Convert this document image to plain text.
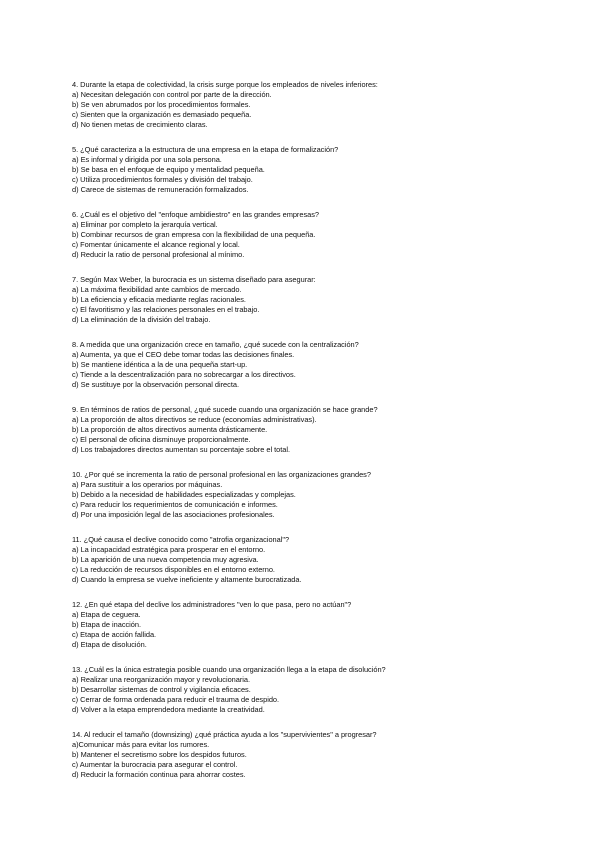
4. Durante la etapa de colectividad, la crisis surge porque los empleados de niveles inferiores:

a) Necesitan delegación con control por parte de la dirección.

b) Se ven abrumados por los procedimientos formales.

c) Sienten que la organización es demasiado pequeña.

d) No tienen metas de crecimiento claras.

5. ¿Qué caracteriza a la estructura de una empresa en la etapa de formalización?

a) Es informal y dirigida por una sola persona.

b) Se basa en el enfoque de equipo y mentalidad pequeña.

c) Utiliza procedimientos formales y división del trabajo.

d) Carece de sistemas de remuneración formalizados.

6. ¿Cuál es el objetivo del "enfoque ambidiestro" en las grandes empresas?

a) Eliminar por completo la jerarquía vertical.

b) Combinar recursos de gran empresa con la flexibilidad de una pequeña.

c) Fomentar únicamente el alcance regional y local.

d) Reducir la ratio de personal profesional al mínimo.

7. Según Max Weber, la burocracia es un sistema diseñado para asegurar:

a) La máxima flexibilidad ante cambios de mercado.

b) La eficiencia y eficacia mediante reglas racionales.

c) El favoritismo y las relaciones personales en el trabajo.

d) La eliminación de la división del trabajo.

8. A medida que una organización crece en tamaño, ¿qué sucede con la centralización?

a) Aumenta, ya que el CEO debe tomar todas las decisiones finales.

b) Se mantiene idéntica a la de una pequeña start-up.

c) Tiende a la descentralización para no sobrecargar a los directivos.

d) Se sustituye por la observación personal directa.

9. En términos de ratios de personal, ¿qué sucede cuando una organización se hace grande?

a) La proporción de altos directivos se reduce (economías administrativas).

b) La proporción de altos directivos aumenta drásticamente.

c) El personal de oficina disminuye proporcionalmente.

d) Los trabajadores directos aumentan su porcentaje sobre el total.

10. ¿Por qué se incrementa la ratio de personal profesional en las organizaciones grandes?

a) Para sustituir a los operarios por máquinas.

b) Debido a la necesidad de habilidades especializadas y complejas.

c) Para reducir los requerimientos de comunicación e informes.

d) Por una imposición legal de las asociaciones profesionales.

11. ¿Qué causa el declive conocido como "atrofia organizacional"?

a) La incapacidad estratégica para prosperar en el entorno.

b) La aparición de una nueva competencia muy agresiva.

c) La reducción de recursos disponibles en el entorno externo.

d) Cuando la empresa se vuelve ineficiente y altamente burocratizada.

12. ¿En qué etapa del declive los administradores "ven lo que pasa, pero no actúan"?

a) Etapa de ceguera.

b) Etapa de inacción.

c) Etapa de acción fallida.

d) Etapa de disolución.

13. ¿Cuál es la única estrategia posible cuando una organización llega a la etapa de disolución?

a) Realizar una reorganización mayor y revolucionaria.

b) Desarrollar sistemas de control y vigilancia eficaces.

c) Cerrar de forma ordenada para reducir el trauma de despido.

d) Volver a la etapa emprendedora mediante la creatividad.

14. Al reducir el tamaño (downsizing) ¿qué práctica ayuda a los "supervivientes" a progresar?

a)Comunicar más para evitar los rumores.

b) Mantener el secretismo sobre los despidos futuros.

c) Aumentar la burocracia para asegurar el control.

d) Reducir la formación continua para ahorrar costes.
